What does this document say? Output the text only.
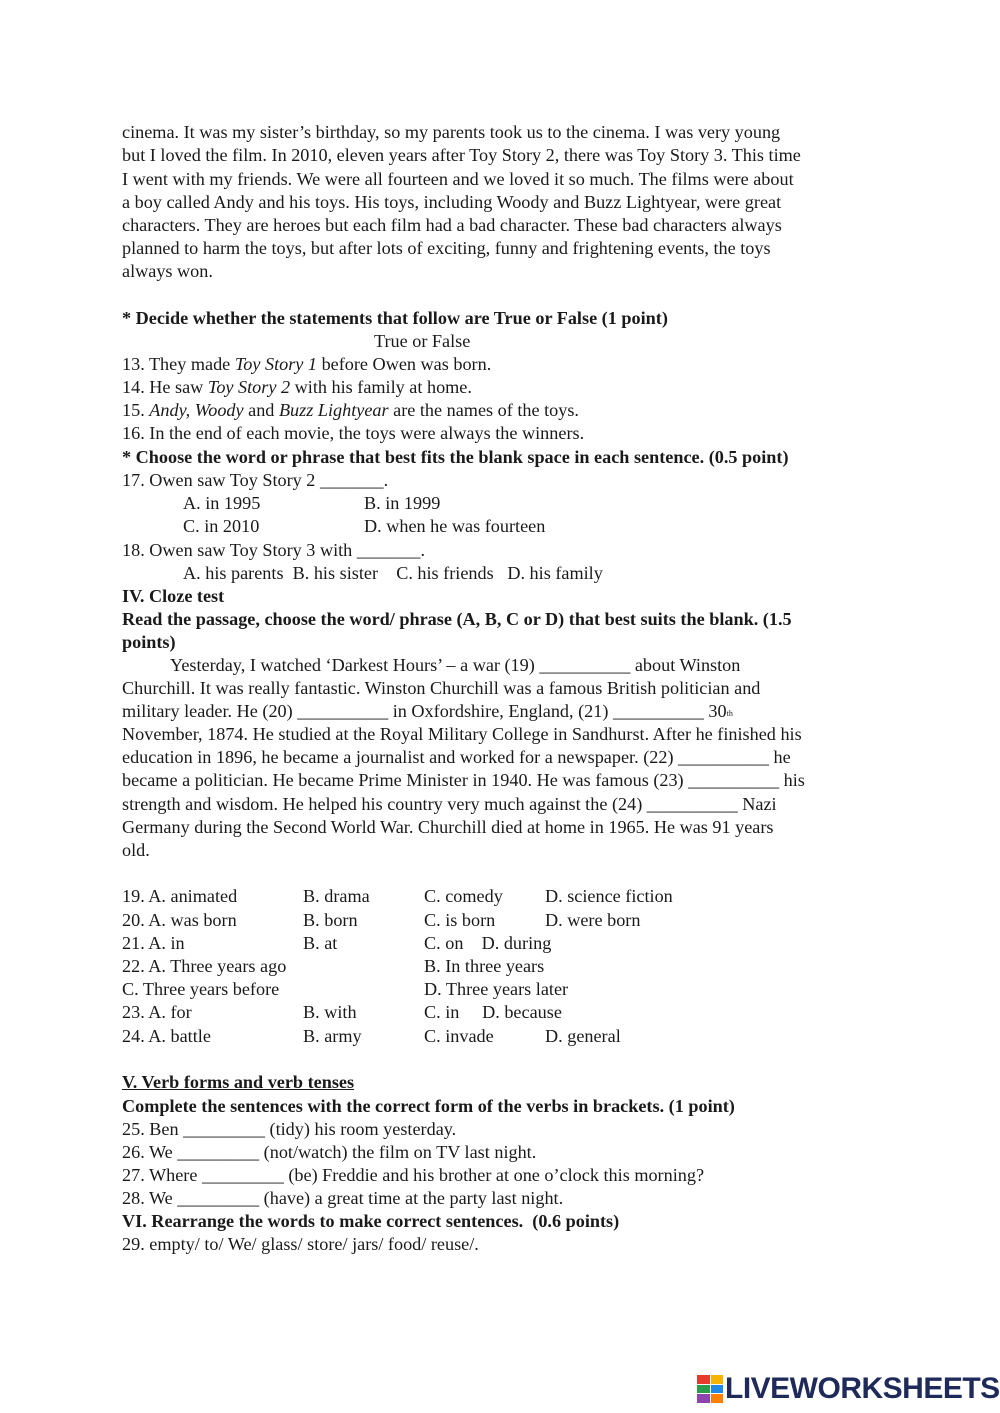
cinema. It was my sister’s birthday, so my parents took us to the cinema. I was very young
but I loved the film. In 2010, eleven years after Toy Story 2, there was Toy Story 3. This time
I went with my friends. We were all fourteen and we loved it so much. The films were about
a boy called Andy and his toys. His toys, including Woody and Buzz Lightyear, were great
characters. They are heroes but each film had a bad character. These bad characters always
planned to harm the toys, but after lots of exciting, funny and frightening events, the toys
always won.
* Decide whether the statements that follow are True or False (1 point)
True or False
13. They made Toy Story 1 before Owen was born.
14. He saw Toy Story 2 with his family at home.
15. Andy, Woody and Buzz Lightyear are the names of the toys.
16. In the end of each movie, the toys were always the winners.
* Choose the word or phrase that best fits the blank space in each sentence. (0.5 point)
17. Owen saw Toy Story 2 _______.
A. in 1995	B. in 1999
C. in 2010	D. when he was fourteen
18. Owen saw Toy Story 3 with _______.
A. his parents  B. his sister    C. his friends   D. his family
IV. Cloze test
Read the passage, choose the word/ phrase (A, B, C or D) that best suits the blank. (1.5
points)
Yesterday, I watched ‘Darkest Hours’ – a war (19) __________ about Winston
Churchill. It was really fantastic. Winston Churchill was a famous British politician and
military leader. He (20) __________ in Oxfordshire, England, (21) __________ 30th
November, 1874. He studied at the Royal Military College in Sandhurst. After he finished his
education in 1896, he became a journalist and worked for a newspaper. (22) __________ he
became a politician. He became Prime Minister in 1940. He was famous (23) __________ his
strength and wisdom. He helped his country very much against the (24) __________ Nazi
Germany during the Second World War. Churchill died at home in 1965. He was 91 years
old.
19. A. animated	B. drama	C. comedy D. science fiction
20. A. was born	B. born	C. is born	D. were born
21. A. in	B. at	C. on    D. during
22. A. Three years ago	B. In three years
C. Three years before	D. Three years later
23. A. for	B. with	C. in     D. because
24. A. battle	B. army	C. invade	D. general
V. Verb forms and verb tenses
Complete the sentences with the correct form of the verbs in brackets. (1 point)
25. Ben _________ (tidy) his room yesterday.
26. We _________ (not/watch) the film on TV last night.
27. Where _________ (be) Freddie and his brother at one o’clock this morning?
28. We _________ (have) a great time at the party last night.
VI. Rearrange the words to make correct sentences.  (0.6 points)
29. empty/ to/ We/ glass/ store/ jars/ food/ reuse/.
LIVEWORKSHEETS
